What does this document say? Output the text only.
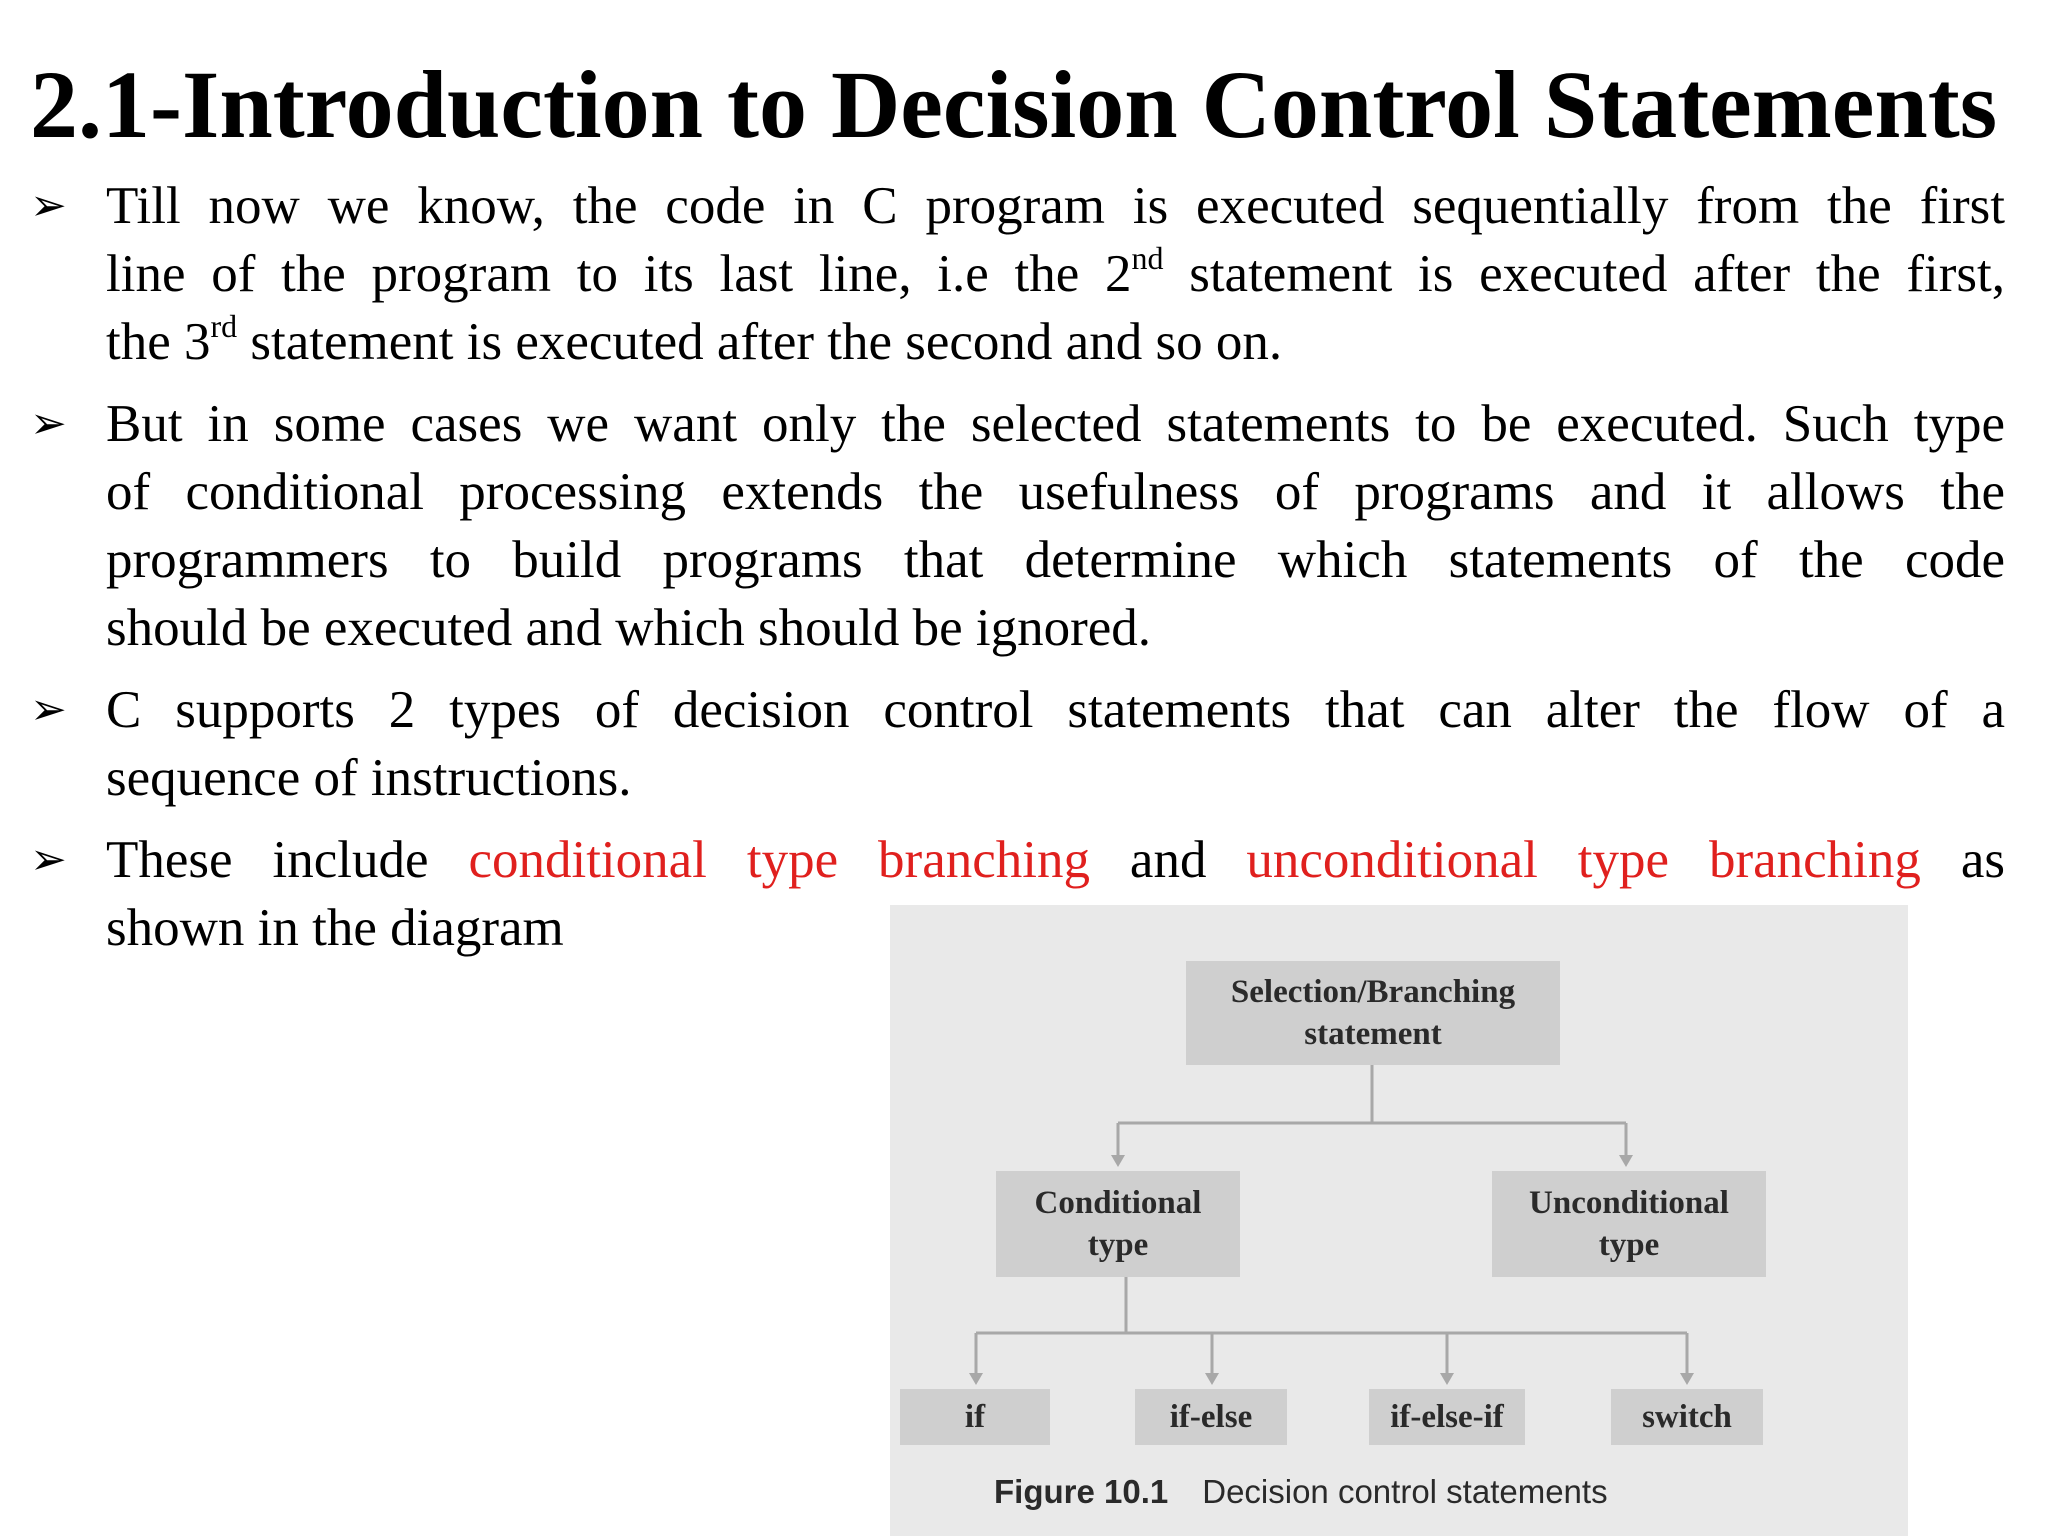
2.1-Introduction to Decision Control Statements
➢ Till now we know, the code in C program is executed sequentially from the first
line of the program to its last line, i.e the 2nd statement is executed after the first,
the 3rd statement is executed after the second and so on.
➢ But in some cases we want only the selected statements to be executed. Such type
of conditional processing extends the usefulness of programs and it allows the
programmers to build programs that determine which statements of the code
should be executed and which should be ignored.
➢ C supports 2 types of decision control statements that can alter the flow of a
sequence of instructions.
➢ These include conditional type branching and unconditional type branching as
shown in the diagram
Selection/Branching
statement
Conditional
type
Unconditional
type
if	if-else	if-else-if	switch
Figure 10.1 Decision control statements
